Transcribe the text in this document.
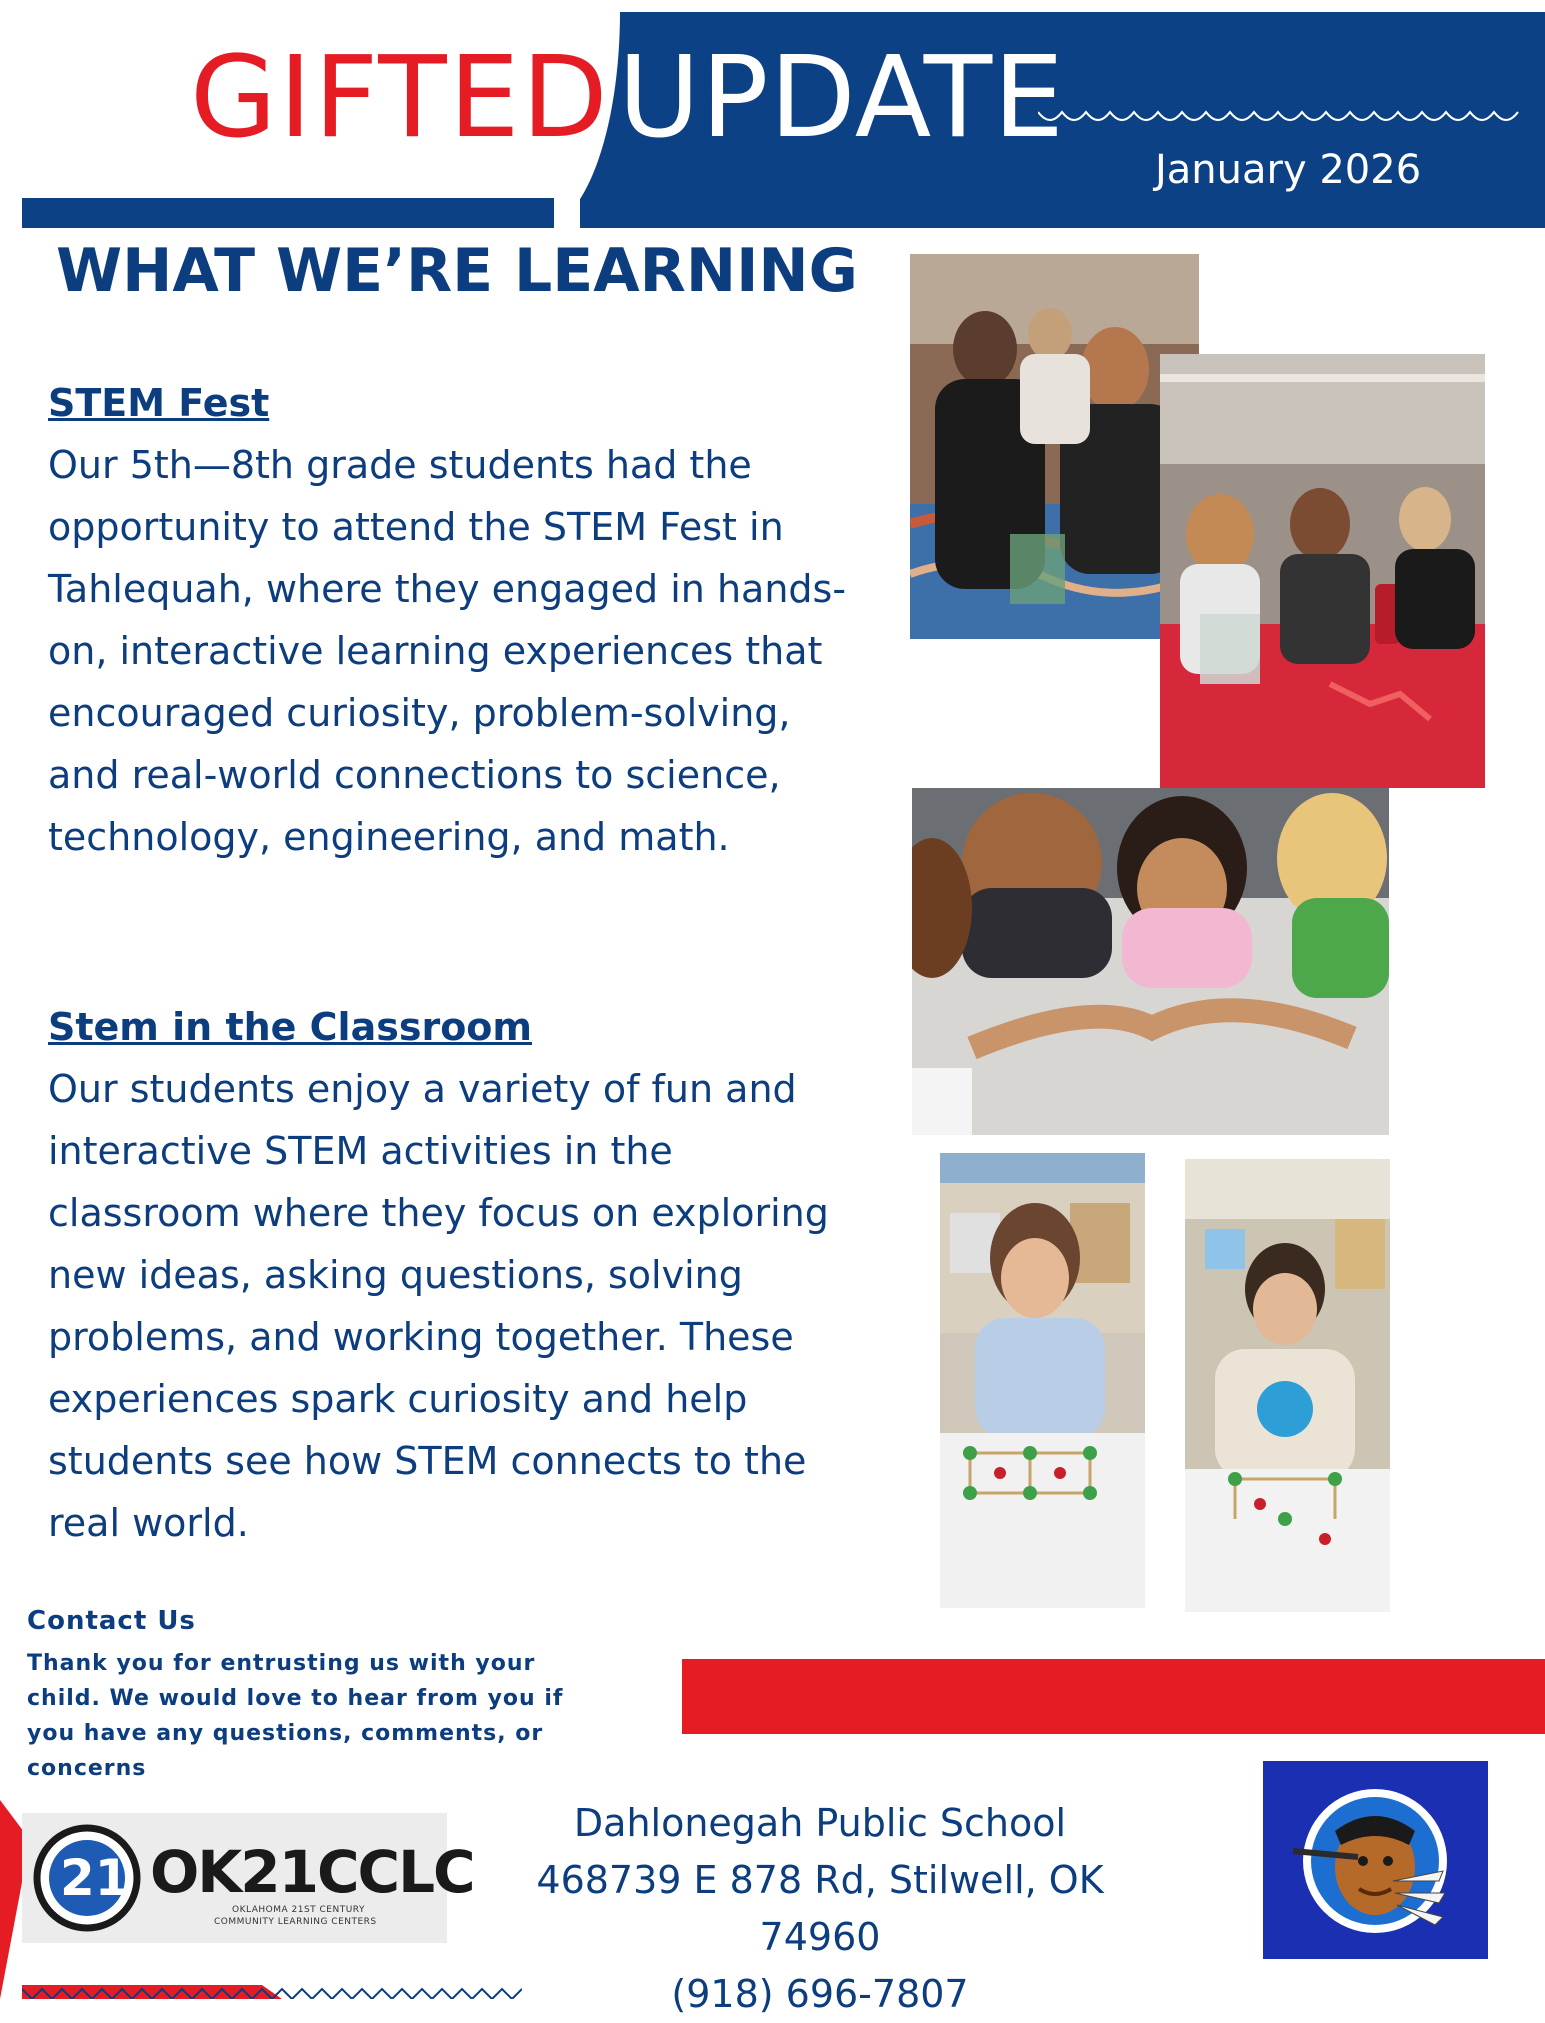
GIFTED UPDATE
January 2026
WHAT WE’RE LEARNING
STEM Fest
Our 5th—8th grade students had the opportunity to attend the STEM Fest in Tahlequah, where they engaged in hands-on, interactive learning experiences that encouraged curiosity, problem-solving, and real-world connections to science, technology, engineering, and math.
Stem in the Classroom
Our students enjoy a variety of fun and interactive STEM activities in the classroom where they focus on exploring new ideas, asking questions, solving problems, and working together. These experiences spark curiosity and help students see how STEM connects to the real world.
Contact Us
Thank you for entrusting us with your child. We would love to hear from you if you have any questions, comments, or concerns
Dahlonegah Public School
468739 E 878 Rd, Stilwell, OK 74960
(918) 696-7807
21 OK21CCLC
OKLAHOMA 21ST CENTURY
COMMUNITY LEARNING CENTERS
